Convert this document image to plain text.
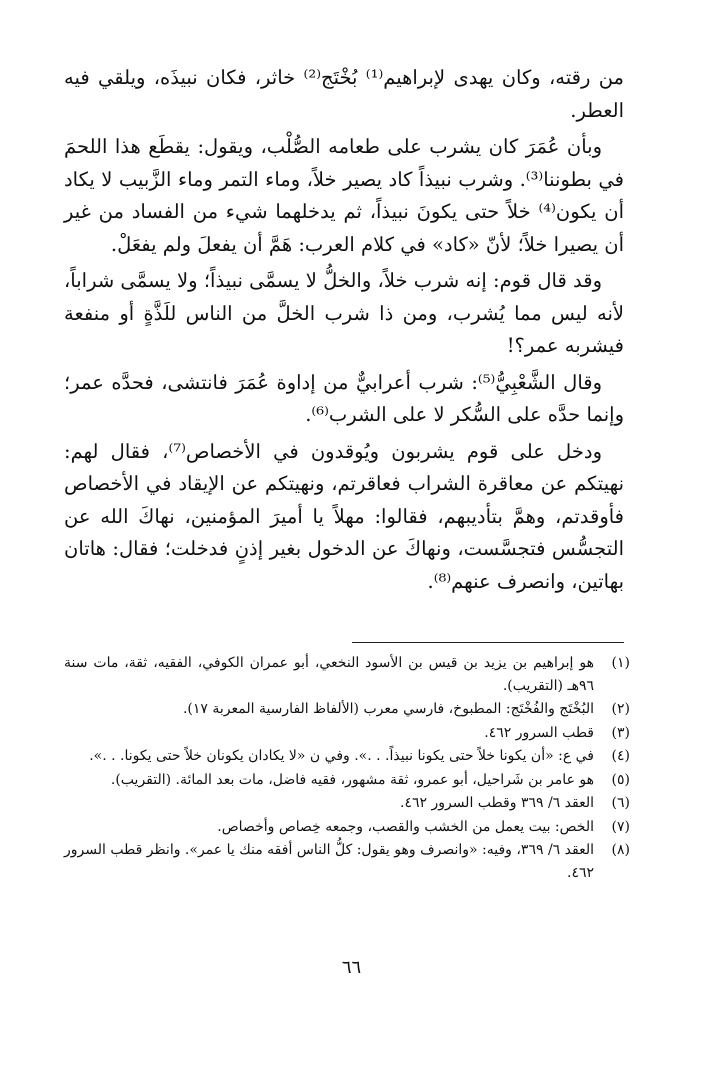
من رقته، وكان يهدى لإبراهيم⁽¹⁾ بُخْتَج⁽²⁾ خاثر، فكان نبيذَه، ويلقي فيه العطر.

وبأن عُمَرَ كان يشرب على طعامه الصُّلْب، ويقول: يقطَع هذا اللحمَ في بطوننا⁽³⁾. وشرب نبيذاً كاد يصير خلاً، وماء التمر وماء الزَّبيب لا يكاد أن يكون⁽⁴⁾ خلاً حتى يكونَ نبيذاً، ثم يدخلهما شيء من الفساد من غير أن يصيرا خلاً؛ لأنّ «كاد» في كلام العرب: هَمَّ أن يفعلَ ولم يفعَلْ.

وقد قال قوم: إنه شرب خلاً، والخلُّ لا يسمَّى نبيذاً؛ ولا يسمَّى شراباً، لأنه ليس مما يُشرب، ومن ذا شرب الخلَّ من الناس للَذَّةٍ أو منفعة فيشربه عمر؟!

وقال الشَّعْبِيُّ⁽⁵⁾: شرب أعرابيٌّ من إداوة عُمَرَ فانتشى، فحدَّه عمر؛ وإنما حدَّه على السُّكر لا على الشرب⁽⁶⁾.

ودخل على قوم يشربون ويُوقدون في الأخصاص⁽⁷⁾، فقال لهم: نهيتكم عن معاقرة الشراب فعاقرتم، ونهيتكم عن الإيقاد في الأخصاص فأوقدتم، وهمَّ بتأديبهم، فقالوا: مهلاً يا أميرَ المؤمنين، نهاكَ الله عن التجسُّس فتجسَّست، ونهاكَ عن الدخول بغير إذنٍ فدخلت؛ فقال: هاتان بهاتين، وانصرف عنهم⁽⁸⁾.

(١)
هو إبراهيم بن يزيد بن قيس بن الأسود النخعي، أبو عمران الكوفي، الفقيه، ثقة، مات سنة ٩٦هـ (التقريب).
(٢)
البُخْتَج والفُخْتَج: المطبوخ، فارسي معرب (الألفاظ الفارسية المعربة ١٧).
(٣)
قطب السرور ٤٦٢.
(٤)
في ع: «أن يكونا خلاً حتى يكونا نبيذاً. . .». وفي ن «لا يكادان يكونان خلاً حتى يكونا. . .».
(٥)
هو عامر بن شَراحيل، أبو عمرو، ثقة مشهور، فقيه فاضل، مات بعد المائة. (التقريب).
(٦)
العقد ٦/ ٣٦٩ وقطب السرور ٤٦٢.
(٧)
الخص: بيت يعمل من الخشب والقصب، وجمعه خِصاص وأخصاص.
(٨)
العقد ٦/ ٣٦٩، وفيه: «وانصرف وهو يقول: كلُّ الناس أفقه منك يا عمر». وانظر قطب السرور ٤٦٢.
٦٦
